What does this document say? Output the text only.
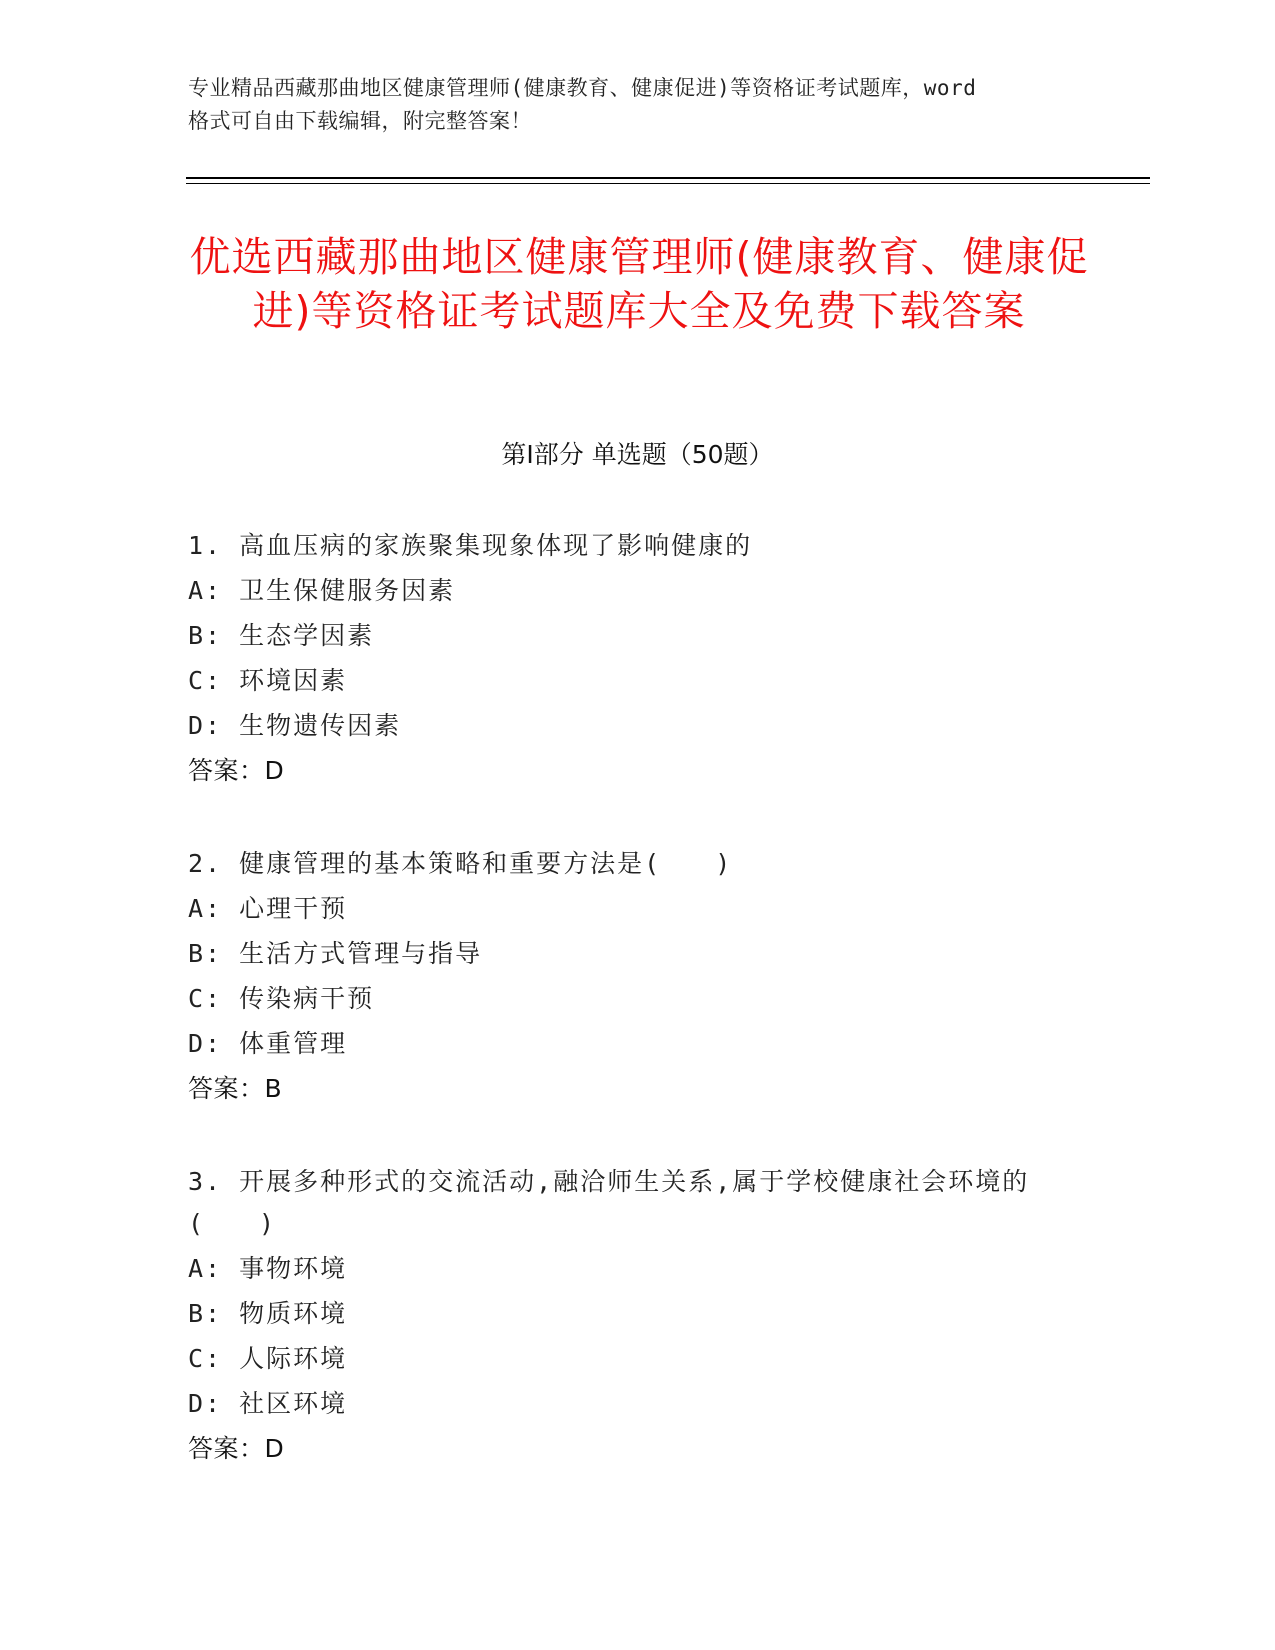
专业精品西藏那曲地区健康管理师(健康教育、健康促进)等资格证考试题库，word
格式可自由下载编辑，附完整答案！
优选西藏那曲地区健康管理师(健康教育、健康促进)等资格证考试题库大全及免费下载答案
第Ⅰ部分 单选题（50题）
1. 高血压病的家族聚集现象体现了影响健康的
A: 卫生保健服务因素
B: 生态学因素
C: 环境因素
D: 生物遗传因素
答案：D
2. 健康管理的基本策略和重要方法是(　　)
A: 心理干预
B: 生活方式管理与指导
C: 传染病干预
D: 体重管理
答案：B
3. 开展多种形式的交流活动,融洽师生关系,属于学校健康社会环境的(　　)
A: 事物环境
B: 物质环境
C: 人际环境
D: 社区环境
答案：D
